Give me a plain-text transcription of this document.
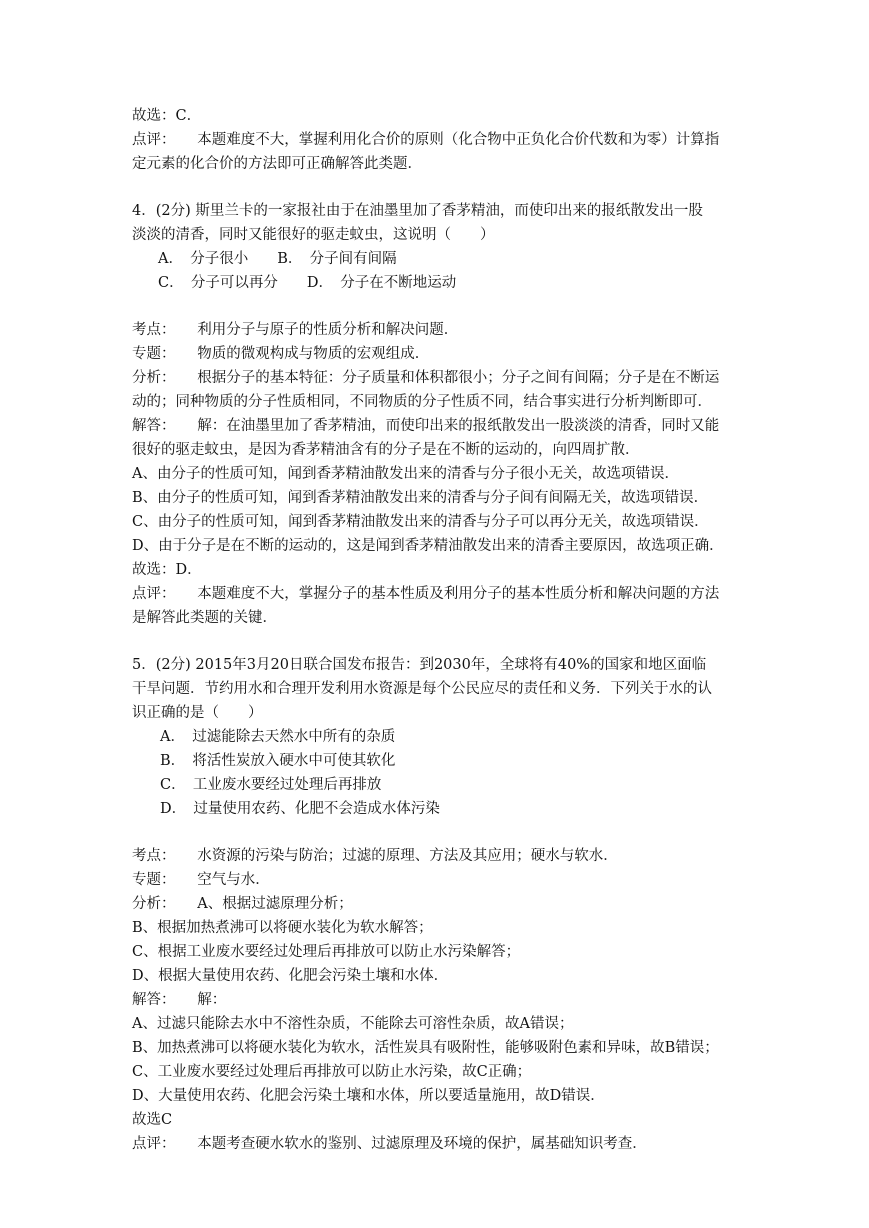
故选：C．
点评：　　本题难度不大，掌握利用化合价的原则（化合物中正负化合价代数和为零）计算指
定元素的化合价的方法即可正确解答此类题．
4．(2分) 斯里兰卡的一家报社由于在油墨里加了香茅精油，而使印出来的报纸散发出一股
淡淡的清香，同时又能很好的驱走蚊虫，这说明（　　）
A．　分子很小　　B．　分子间有间隔
C．　分子可以再分　　D．　分子在不断地运动
考点：　　利用分子与原子的性质分析和解决问题．
专题：　　物质的微观构成与物质的宏观组成．
分析：　　根据分子的基本特征：分子质量和体积都很小；分子之间有间隔；分子是在不断运
动的；同种物质的分子性质相同，不同物质的分子性质不同，结合事实进行分析判断即可．
解答：　　解：在油墨里加了香茅精油，而使印出来的报纸散发出一股淡淡的清香，同时又能
很好的驱走蚊虫，是因为香茅精油含有的分子是在不断的运动的，向四周扩散．
A、由分子的性质可知，闻到香茅精油散发出来的清香与分子很小无关，故选项错误．
B、由分子的性质可知，闻到香茅精油散发出来的清香与分子间有间隔无关，故选项错误．
C、由分子的性质可知，闻到香茅精油散发出来的清香与分子可以再分无关，故选项错误．
D、由于分子是在不断的运动的，这是闻到香茅精油散发出来的清香主要原因，故选项正确．
故选：D．
点评：　　本题难度不大，掌握分子的基本性质及利用分子的基本性质分析和解决问题的方法
是解答此类题的关键．
5．(2分) 2015年3月20日联合国发布报告：到2030年，全球将有40%的国家和地区面临
干旱问题．节约用水和合理开发利用水资源是每个公民应尽的责任和义务．下列关于水的认
识正确的是（　　）
A．　过滤能除去天然水中所有的杂质
B．　将活性炭放入硬水中可使其软化
C．　工业废水要经过处理后再排放
D．　过量使用农药、化肥不会造成水体污染
考点：　　水资源的污染与防治；过滤的原理、方法及其应用；硬水与软水．
专题：　　空气与水．
分析：　　A、根据过滤原理分析；
B、根据加热煮沸可以将硬水装化为软水解答；
C、根据工业废水要经过处理后再排放可以防止水污染解答；
D、根据大量使用农药、化肥会污染土壤和水体．
解答：　　解：
A、过滤只能除去水中不溶性杂质，不能除去可溶性杂质，故A错误；
B、加热煮沸可以将硬水装化为软水，活性炭具有吸附性，能够吸附色素和异味，故B错误；
C、工业废水要经过处理后再排放可以防止水污染，故C正确；
D、大量使用农药、化肥会污染土壤和水体，所以要适量施用，故D错误．
故选C
点评：　　本题考查硬水软水的鉴别、过滤原理及环境的保护，属基础知识考查．
